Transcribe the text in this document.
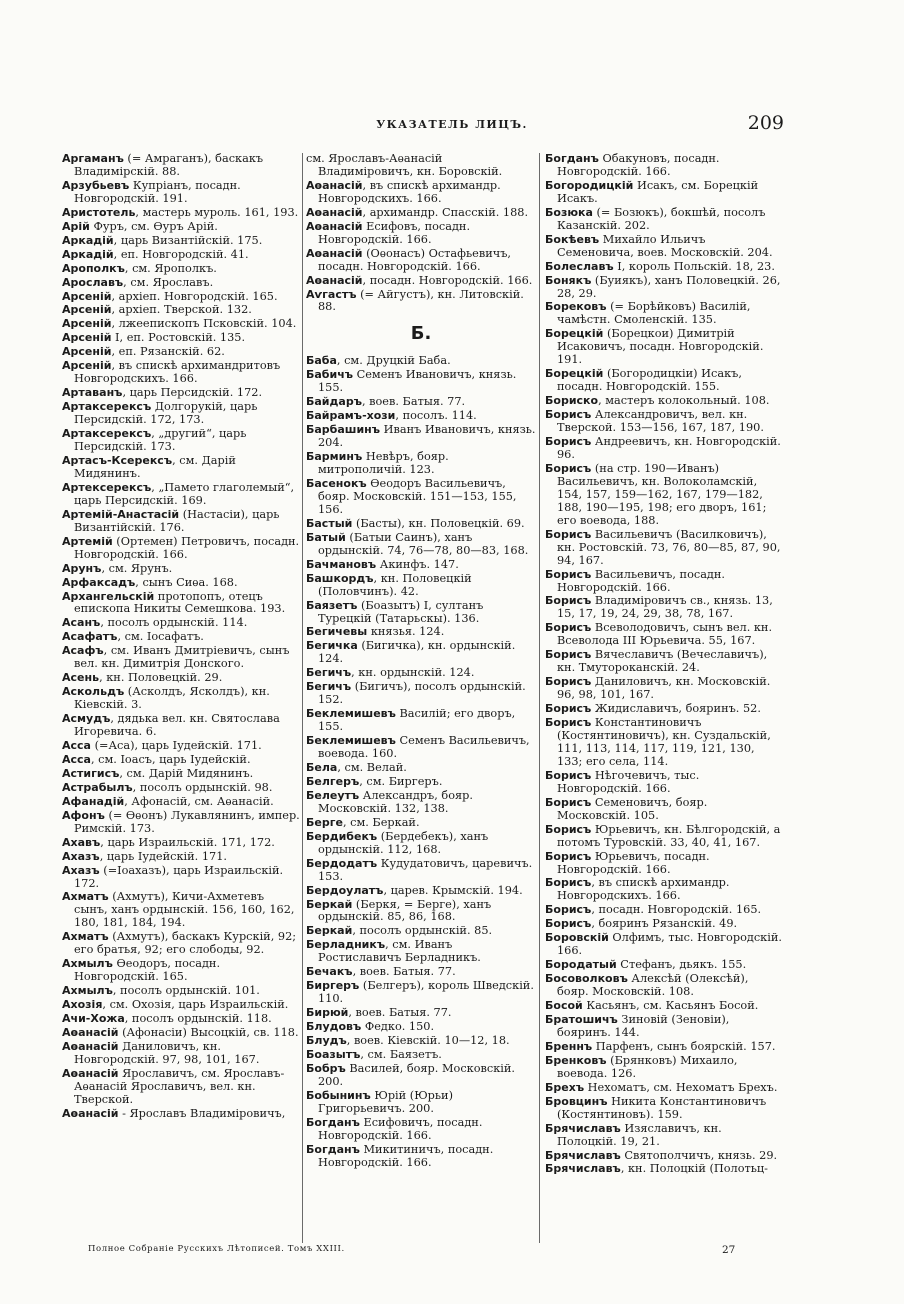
УКАЗАТЕЛЬ ЛИЦЪ.	209

Аргаманъ (= Амраганъ), баскакъ Владимірскій. 88.

Арзубьевъ Купріанъ, посадн. Новгородскій. 191.

Аристотель, мастерь муроль. 161, 193.

Арій Фуръ, см. Ѳуръ Арій.

Аркадій, царь Византійскій. 175.

Аркадій, еп. Новгородскій. 41.

Арополкъ, см. Ярополкъ.

Арославъ, см. Ярославъ.

Арсеній, архіеп. Новгородскій. 165.

Арсеній, архіеп. Тверской. 132.

Арсеній, лжеепископъ Псковскій. 104.

Арсеній I, еп. Ростовскій. 135.

Арсеній, еп. Рязанскій. 62.

Арсеній, въ спискѣ архимандритовъ Новгородскихъ. 166.

Артаванъ, царь Персидскій. 172.

Артаксерексъ Долгорукій, царь Персидскій. 172, 173.

Артаксерексъ, „другий“, царь Персидскій. 173.

Артасъ-Ксерексъ, см. Дарій Мидянинъ.

Артексерексъ, „Памето глаголемый“, царь Персидскій. 169.

Артемій-Анастасій (Настасіи), царь Византійскій. 176.

Артемій (Ортемен) Петровичъ, посадн. Новгородскій. 166.

Арунъ, см. Ярунъ.

Арфаксадъ, сынъ Сиѳа. 168.

Архангельскій протопопъ, отецъ епископа Никиты Семешкова. 193.

Асанъ, посолъ ордынскій. 114.

Асафатъ, см. Іосафатъ.

Асафъ, см. Иванъ Дмитріевичъ, сынъ вел. кн. Димитрія Донского.

Асень, кн. Половецкій. 29.

Аскольдъ (Асколдъ, Ясколдъ), кн. Кіевскій. 3.

Асмудъ, дядька вел. кн. Святослава Игоревича. 6.

Асса (=Аса), царь Іудейскій. 171.

Асса, см. Іоасъ, царь Іудейскій.

Астигисъ, см. Дарій Мидянинъ.

Астрабылъ, посолъ ордынскій. 98.

Афанадій, Афонасій, см. Аѳанасій.

Афонъ (= Ѳѳонъ) Лукавлянинъ, импер. Римскій. 173.

Ахавъ, царь Израильскій. 171, 172.

Ахазъ, царь Іудейскій. 171.

Ахазъ (=Іоахазъ), царь Израильскій. 172.

Ахматъ (Ахмутъ), Кичи-Ахметевъ сынъ, ханъ ордынскій. 156, 160, 162, 180, 181, 184, 194.

Ахматъ (Ахмутъ), баскакъ Курскій, 92; его братья, 92; его слободы, 92.

Ахмылъ Ѳеодоръ, посадн. Новгородскій. 165.

Ахмылъ, посолъ ордынскій. 101.

Ахозія, см. Охозія, царь Израильскій.

Ачи-Хожа, посолъ ордынскій. 118.

Аѳанасій (Афонасіи) Высоцкій, св. 118.

Аѳанасій Даниловичъ, кн. Новгородскій. 97, 98, 101, 167.

Аѳанасій Ярославичъ, см. Ярославъ-Аѳанасій Ярославичъ, вел. кн. Тверской.

Аѳанасій - Ярославъ Владиміровичъ,

см. Ярославъ-Аѳанасій Владиміровичъ, кн. Боровскій.

Аѳанасій, въ спискѣ архимандр. Новгородскихъ. 166.

Аѳанасій, архимандр. Спасскій. 188.

Аѳанасій Есифовъ, посадн. Новгородскій. 166.

Аѳанасій (Оѳонасъ) Остафьевичъ, посадн. Новгородскій. 166.

Аѳанасій, посадн. Новгородскій. 166.

Аѵгастъ (= Айгустъ), кн. Литовскій. 88.

Б.

Баба, см. Друцкій Баба.

Бабичъ Семенъ Ивановичъ, князь. 155.

Байдаръ, воев. Батыя. 77.

Байрамъ-хози, посолъ. 114.

Барбашинъ Иванъ Ивановичъ, князь. 204.

Барминъ Невѣръ, бояр. митрополичій. 123.

Басенокъ Ѳеодоръ Васильевичъ, бояр. Московскій. 151—153, 155, 156.

Бастый (Басты), кн. Половецкій. 69.

Батый (Батыи Саинъ), ханъ ордынскій. 74, 76—78, 80—83, 168.

Бачмановъ Акинфъ. 147.

Башкордъ, кн. Половецкій (Половчинъ). 42.

Баязетъ (Боазытъ) I, султанъ Турецкій (Татарьскы). 136.

Бегичевы князья. 124.

Бегичка (Бигичка), кн. ордынскій. 124.

Бегичъ, кн. ордынскій. 124.

Бегичъ (Бигичъ), посолъ ордынскій. 152.

Беклемишевъ Василій; его дворъ, 155.

Беклемишевъ Семенъ Васильевичъ, воевода. 160.

Бела, см. Велай.

Белгеръ, см. Биргеръ.

Белеутъ Александръ, бояр. Московскій. 132, 138.

Берге, см. Беркай.

Бердибекъ (Бердебекъ), ханъ ордынскій. 112, 168.

Бердодатъ Кудудатовичъ, царевичъ. 153.

Бердоулатъ, царев. Крымскій. 194.

Беркай (Беркя, = Берге), ханъ ордынскій. 85, 86, 168.

Беркай, посолъ ордынскій. 85.

Берладникъ, см. Иванъ Ростиславичъ Берладникъ.

Бечакъ, воев. Батыя. 77.

Биргеръ (Белгеръ), король Шведскій. 110.

Бирюй, воев. Батыя. 77.

Блудовъ Федко. 150.

Блудъ, воев. Кіевскій. 10—12, 18.

Боазытъ, см. Баязетъ.

Бобръ Василей, бояр. Московскій. 200.

Бобынинъ Юрій (Юрьи) Григорьевичъ. 200.

Богданъ Есифовичъ, посадн. Новгородскій. 166.

Богданъ Микитиничъ, посадн. Новгородскій. 166.

Богданъ Обакуновъ, посадн. Новгородскій. 166.

Богородицкій Исакъ, см. Борецкій Исакъ.

Бозюка (= Бозюкъ), бокшѣй, посолъ Казанскій. 202.

Бокѣевъ Михайло Ильичъ Семеновича, воев. Московскій. 204.

Болеславъ I, король Польскій. 18, 23.

Бонякъ (Буиякъ), ханъ Половецкій. 26, 28, 29.

Борековъ (= Борѣйковъ) Василій, чамѣстн. Смоленскій. 135.

Борецкій (Борецкои) Димитрій Исаковичъ, посадн. Новгородскій. 191.

Борецкій (Богородицкіи) Исакъ, посадн. Новгородскій. 155.

Бориско, мастеръ колокольный. 108.

Борисъ Александровичъ, вел. кн. Тверской. 153—156, 167, 187, 190.

Борисъ Андреевичъ, кн. Новгородскій. 96.

Борисъ (на стр. 190—Иванъ) Васильевичъ, кн. Волоколамскій, 154, 157, 159—162, 167, 179—182, 188, 190—195, 198; его дворъ, 161; его воевода, 188.

Борисъ Васильевичъ (Василковичъ), кн. Ростовскій. 73, 76, 80—85, 87, 90, 94, 167.

Борисъ Васильевичъ, посадн. Новгородскій. 166.

Борисъ Владиміровичъ св., князь. 13, 15, 17, 19, 24, 29, 38, 78, 167.

Борисъ Всеволодовичъ, сынъ вел. кн. Всеволода III Юрьевича. 55, 167.

Борисъ Вячеславичъ (Вечеславичъ), кн. Тмутороканскій. 24.

Борисъ Даниловичъ, кн. Московскій. 96, 98, 101, 167.

Борисъ Жидиславичъ, бояринъ. 52.

Борисъ Константиновичъ (Костянтиновичъ), кн. Суздальскій, 111, 113, 114, 117, 119, 121, 130, 133; его села, 114.

Борисъ Нѣгочевичъ, тыс. Новгородскій. 166.

Борисъ Семеновичъ, бояр. Московскій. 105.

Борисъ Юрьевичъ, кн. Бѣлгородскій, а потомъ Туровскій. 33, 40, 41, 167.

Борисъ Юрьевичъ, посадн. Новгородскій. 166.

Борисъ, въ спискѣ архимандр. Новгородскихъ. 166.

Борисъ, посадн. Новгородскій. 165.

Борисъ, бояринъ Рязанскій. 49.

Боровскій Олфимъ, тыс. Новгородскій. 166.

Бородатый Стефанъ, дьякъ. 155.

Босоволковъ Алексѣй (Олексѣй), бояр. Московскій. 108.

Босой Касьянъ, см. Касьянъ Босой.

Братошичъ Зиновій (Зеновіи), бояринъ. 144.

Бреннъ Парфенъ, сынъ боярскій. 157.

Бренковъ (Брянковъ) Михаило, воевода. 126.

Брехъ Нехоматъ, см. Нехоматъ Брехъ.

Бровцинъ Никита Константиновичъ (Костянтиновъ). 159.

Брячиславъ Изяславичъ, кн. Полоцкій. 19, 21.

Брячиславъ Святополчичъ, князь. 29.

Брячиславъ, кн. Полоцкій (Полотьц-

Полное Собраніе Русскихъ Лѣтописей. Томъ XXIII.	27
